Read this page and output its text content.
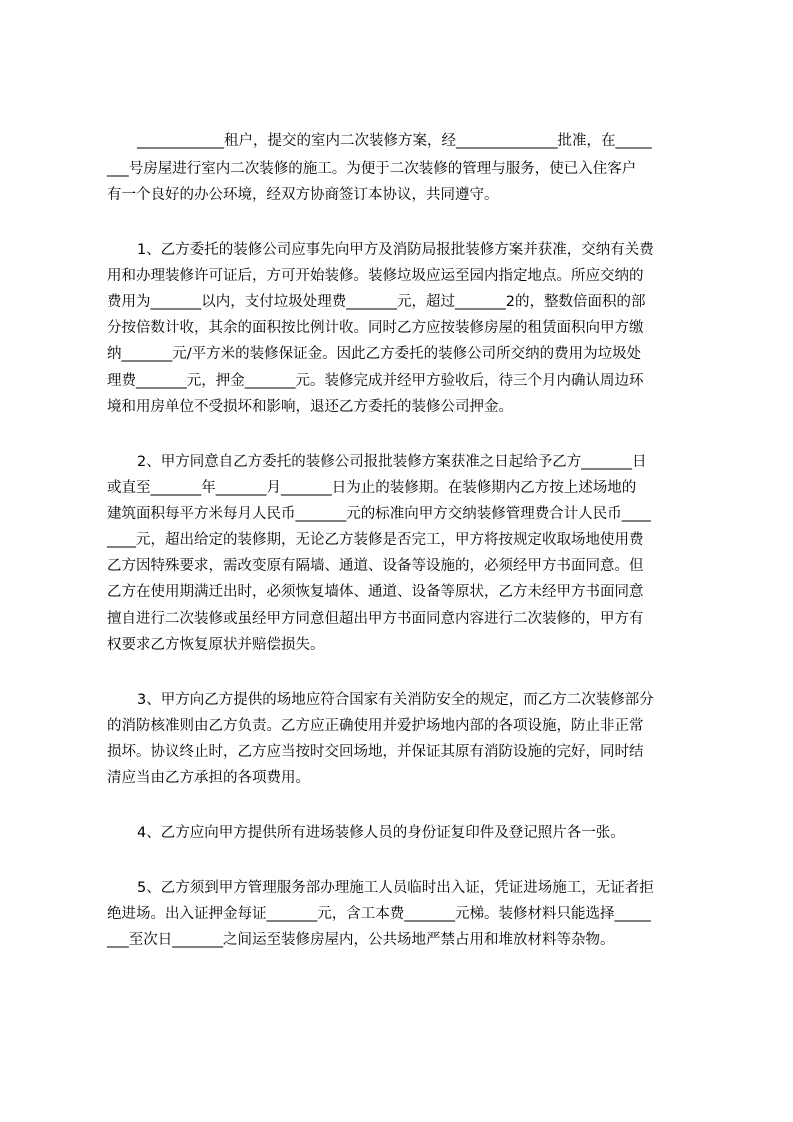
____________租户，提交的室内二次装修方案，经______________批准，在_____
___号房屋进行室内二次装修的施工。为便于二次装修的管理与服务，使已入住客户
有一个良好的办公环境，经双方协商签订本协议，共同遵守。
1、乙方委托的装修公司应事先向甲方及消防局报批装修方案并获准，交纳有关费
用和办理装修许可证后，方可开始装修。装修垃圾应运至园内指定地点。所应交纳的
费用为_______以内，支付垃圾处理费_______元，超过_______2的，整数倍面积的部
分按倍数计收，其余的面积按比例计收。同时乙方应按装修房屋的租赁面积向甲方缴
纳_______元/平方米的装修保证金。因此乙方委托的装修公司所交纳的费用为垃圾处
理费_______元，押金_______元。装修完成并经甲方验收后，待三个月内确认周边环
境和用房单位不受损坏和影响，退还乙方委托的装修公司押金。
2、甲方同意自乙方委托的装修公司报批装修方案获准之日起给予乙方_______日
或直至_______年_______月_______日为止的装修期。在装修期内乙方按上述场地的
建筑面积每平方米每月人民币_______元的标准向甲方交纳装修管理费合计人民币____
____元，超出给定的装修期，无论乙方装修是否完工，甲方将按规定收取场地使用费
乙方因特殊要求，需改变原有隔墙、通道、设备等设施的，必须经甲方书面同意。但
乙方在使用期满迁出时，必须恢复墙体、通道、设备等原状，乙方未经甲方书面同意
擅自进行二次装修或虽经甲方同意但超出甲方书面同意内容进行二次装修的，甲方有
权要求乙方恢复原状并赔偿损失。
3、甲方向乙方提供的场地应符合国家有关消防安全的规定，而乙方二次装修部分
的消防核准则由乙方负责。乙方应正确使用并爱护场地内部的各项设施，防止非正常
损坏。协议终止时，乙方应当按时交回场地，并保证其原有消防设施的完好，同时结
清应当由乙方承担的各项费用。
4、乙方应向甲方提供所有进场装修人员的身份证复印件及登记照片各一张。
5、乙方须到甲方管理服务部办理施工人员临时出入证，凭证进场施工，无证者拒
绝进场。出入证押金每证_______元，含工本费_______元梯。装修材料只能选择_____
___至次日_______之间运至装修房屋内，公共场地严禁占用和堆放材料等杂物。
